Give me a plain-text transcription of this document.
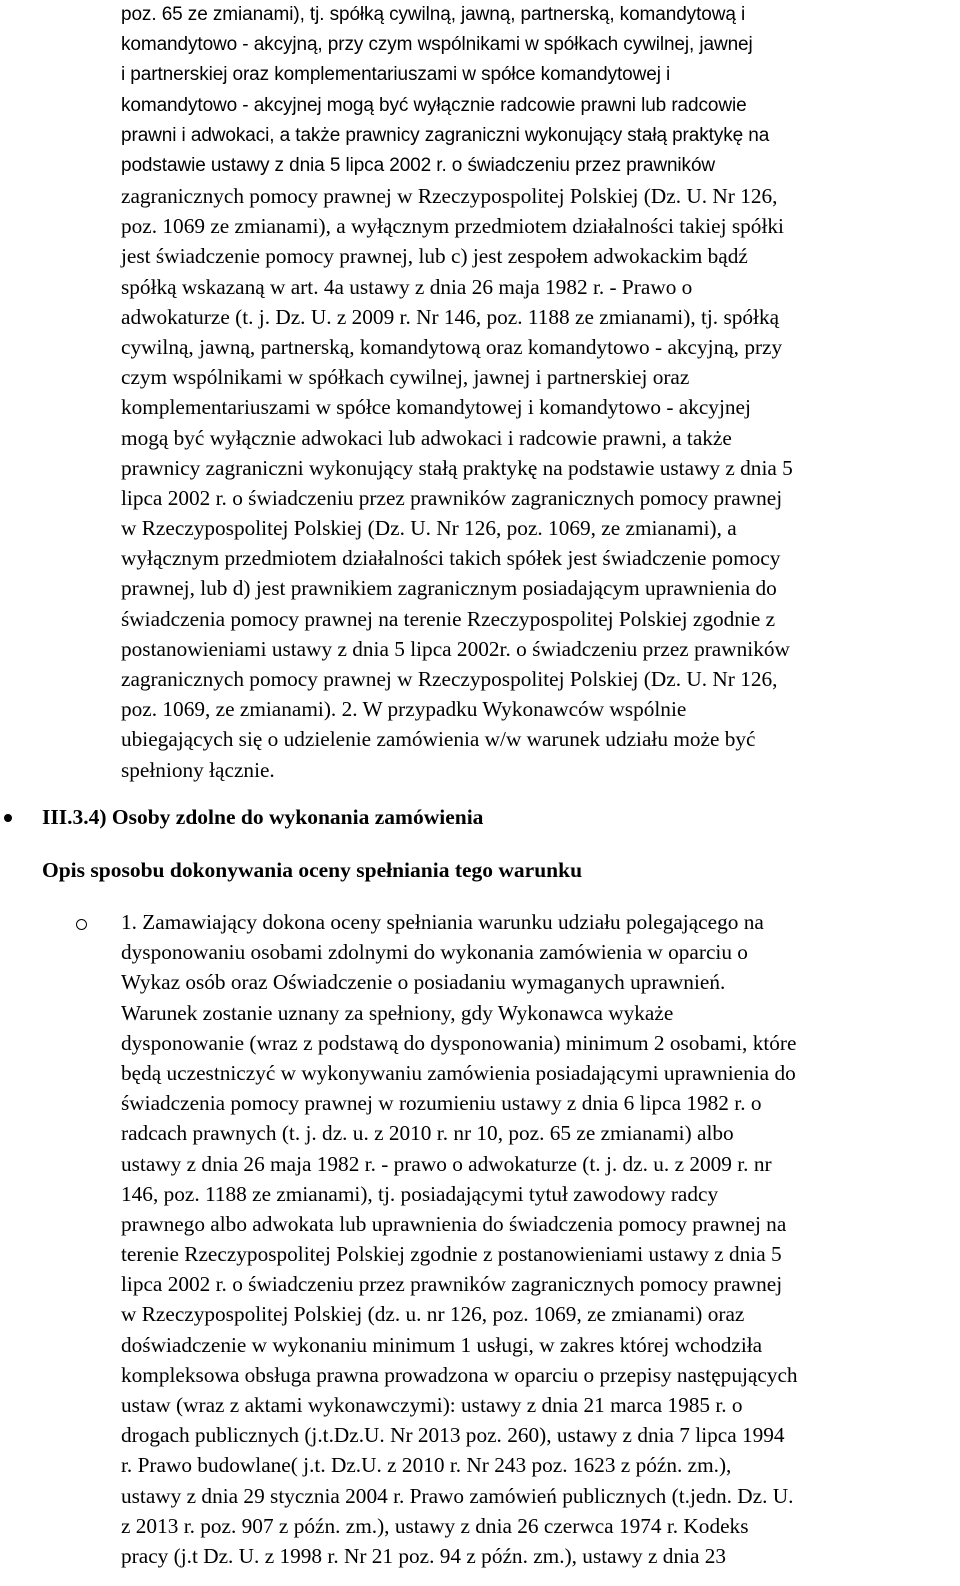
poz. 65 ze zmianami), tj. spółką cywilną, jawną, partnerską, komandytową i
komandytowo - akcyjną, przy czym wspólnikami w spółkach cywilnej, jawnej
i partnerskiej oraz komplementariuszami w spółce komandytowej i
komandytowo - akcyjnej mogą być wyłącznie radcowie prawni lub radcowie
prawni i adwokaci, a także prawnicy zagraniczni wykonujący stałą praktykę na
podstawie ustawy z dnia 5 lipca 2002 r. o świadczeniu przez prawników
zagranicznych pomocy prawnej w Rzeczypospolitej Polskiej (Dz. U. Nr 126,
poz. 1069 ze zmianami), a wyłącznym przedmiotem działalności takiej spółki
jest świadczenie pomocy prawnej, lub c) jest zespołem adwokackim bądź
spółką wskazaną w art. 4a ustawy z dnia 26 maja 1982 r. - Prawo o
adwokaturze (t. j. Dz. U. z 2009 r. Nr 146, poz. 1188 ze zmianami), tj. spółką
cywilną, jawną, partnerską, komandytową oraz komandytowo - akcyjną, przy
czym wspólnikami w spółkach cywilnej, jawnej i partnerskiej oraz
komplementariuszami w spółce komandytowej i komandytowo - akcyjnej
mogą być wyłącznie adwokaci lub adwokaci i radcowie prawni, a także
prawnicy zagraniczni wykonujący stałą praktykę na podstawie ustawy z dnia 5
lipca 2002 r. o świadczeniu przez prawników zagranicznych pomocy prawnej
w Rzeczypospolitej Polskiej (Dz. U. Nr 126, poz. 1069, ze zmianami), a
wyłącznym przedmiotem działalności takich spółek jest świadczenie pomocy
prawnej, lub d) jest prawnikiem zagranicznym posiadającym uprawnienia do
świadczenia pomocy prawnej na terenie Rzeczypospolitej Polskiej zgodnie z
postanowieniami ustawy z dnia 5 lipca 2002r. o świadczeniu przez prawników
zagranicznych pomocy prawnej w Rzeczypospolitej Polskiej (Dz. U. Nr 126,
poz. 1069, ze zmianami). 2. W przypadku Wykonawców wspólnie
ubiegających się o udzielenie zamówienia w/w warunek udziału może być
spełniony łącznie.
III.3.4) Osoby zdolne do wykonania zamówienia
Opis sposobu dokonywania oceny spełniania tego warunku
1. Zamawiający dokona oceny spełniania warunku udziału polegającego na
dysponowaniu osobami zdolnymi do wykonania zamówienia w oparciu o
Wykaz osób oraz Oświadczenie o posiadaniu wymaganych uprawnień.
Warunek zostanie uznany za spełniony, gdy Wykonawca wykaże
dysponowanie (wraz z podstawą do dysponowania) minimum 2 osobami, które
będą uczestniczyć w wykonywaniu zamówienia posiadającymi uprawnienia do
świadczenia pomocy prawnej w rozumieniu ustawy z dnia 6 lipca 1982 r. o
radcach prawnych (t. j. dz. u. z 2010 r. nr 10, poz. 65 ze zmianami) albo
ustawy z dnia 26 maja 1982 r. - prawo o adwokaturze (t. j. dz. u. z 2009 r. nr
146, poz. 1188 ze zmianami), tj. posiadającymi tytuł zawodowy radcy
prawnego albo adwokata lub uprawnienia do świadczenia pomocy prawnej na
terenie Rzeczypospolitej Polskiej zgodnie z postanowieniami ustawy z dnia 5
lipca 2002 r. o świadczeniu przez prawników zagranicznych pomocy prawnej
w Rzeczypospolitej Polskiej (dz. u. nr 126, poz. 1069, ze zmianami) oraz
doświadczenie w wykonaniu minimum 1 usługi, w zakres której wchodziła
kompleksowa obsługa prawna prowadzona w oparciu o przepisy następujących
ustaw (wraz z aktami wykonawczymi): ustawy z dnia 21 marca 1985 r. o
drogach publicznych (j.t.Dz.U. Nr 2013 poz. 260), ustawy z dnia 7 lipca 1994
r. Prawo budowlane( j.t. Dz.U. z 2010 r. Nr 243 poz. 1623 z późn. zm.),
ustawy z dnia 29 stycznia 2004 r. Prawo zamówień publicznych (t.jedn. Dz. U.
z 2013 r. poz. 907 z późn. zm.), ustawy z dnia 26 czerwca 1974 r. Kodeks
pracy (j.t Dz. U. z 1998 r. Nr 21 poz. 94 z późn. zm.), ustawy z dnia 23
